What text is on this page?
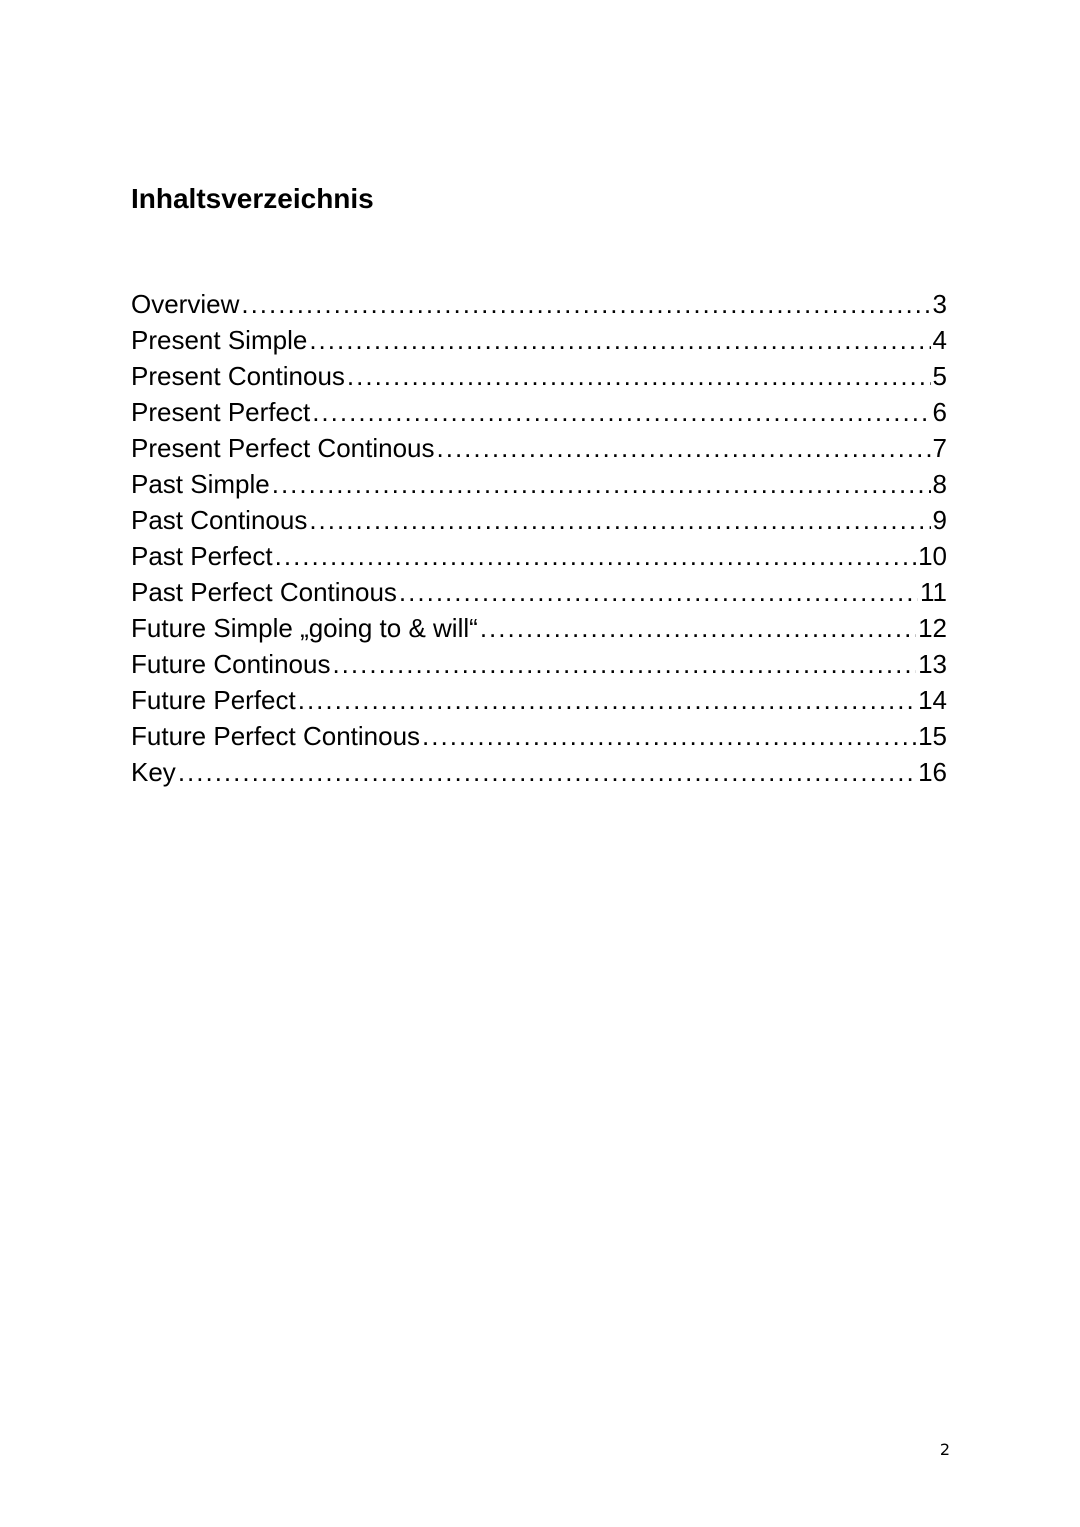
Inhaltsverzeichnis
Overview .....	3
Present Simple .....	4
Present Continous .....	5
Present Perfect .....	6
Present Perfect Continous .....	7
Past Simple .....	8
Past Continous .....	9
Past Perfect .....	10
Past Perfect Continous .....	11
Future Simple „going to & will“ .....	12
Future Continous .....	13
Future Perfect .....	14
Future Perfect Continous .....	15
Key .....	16
2
